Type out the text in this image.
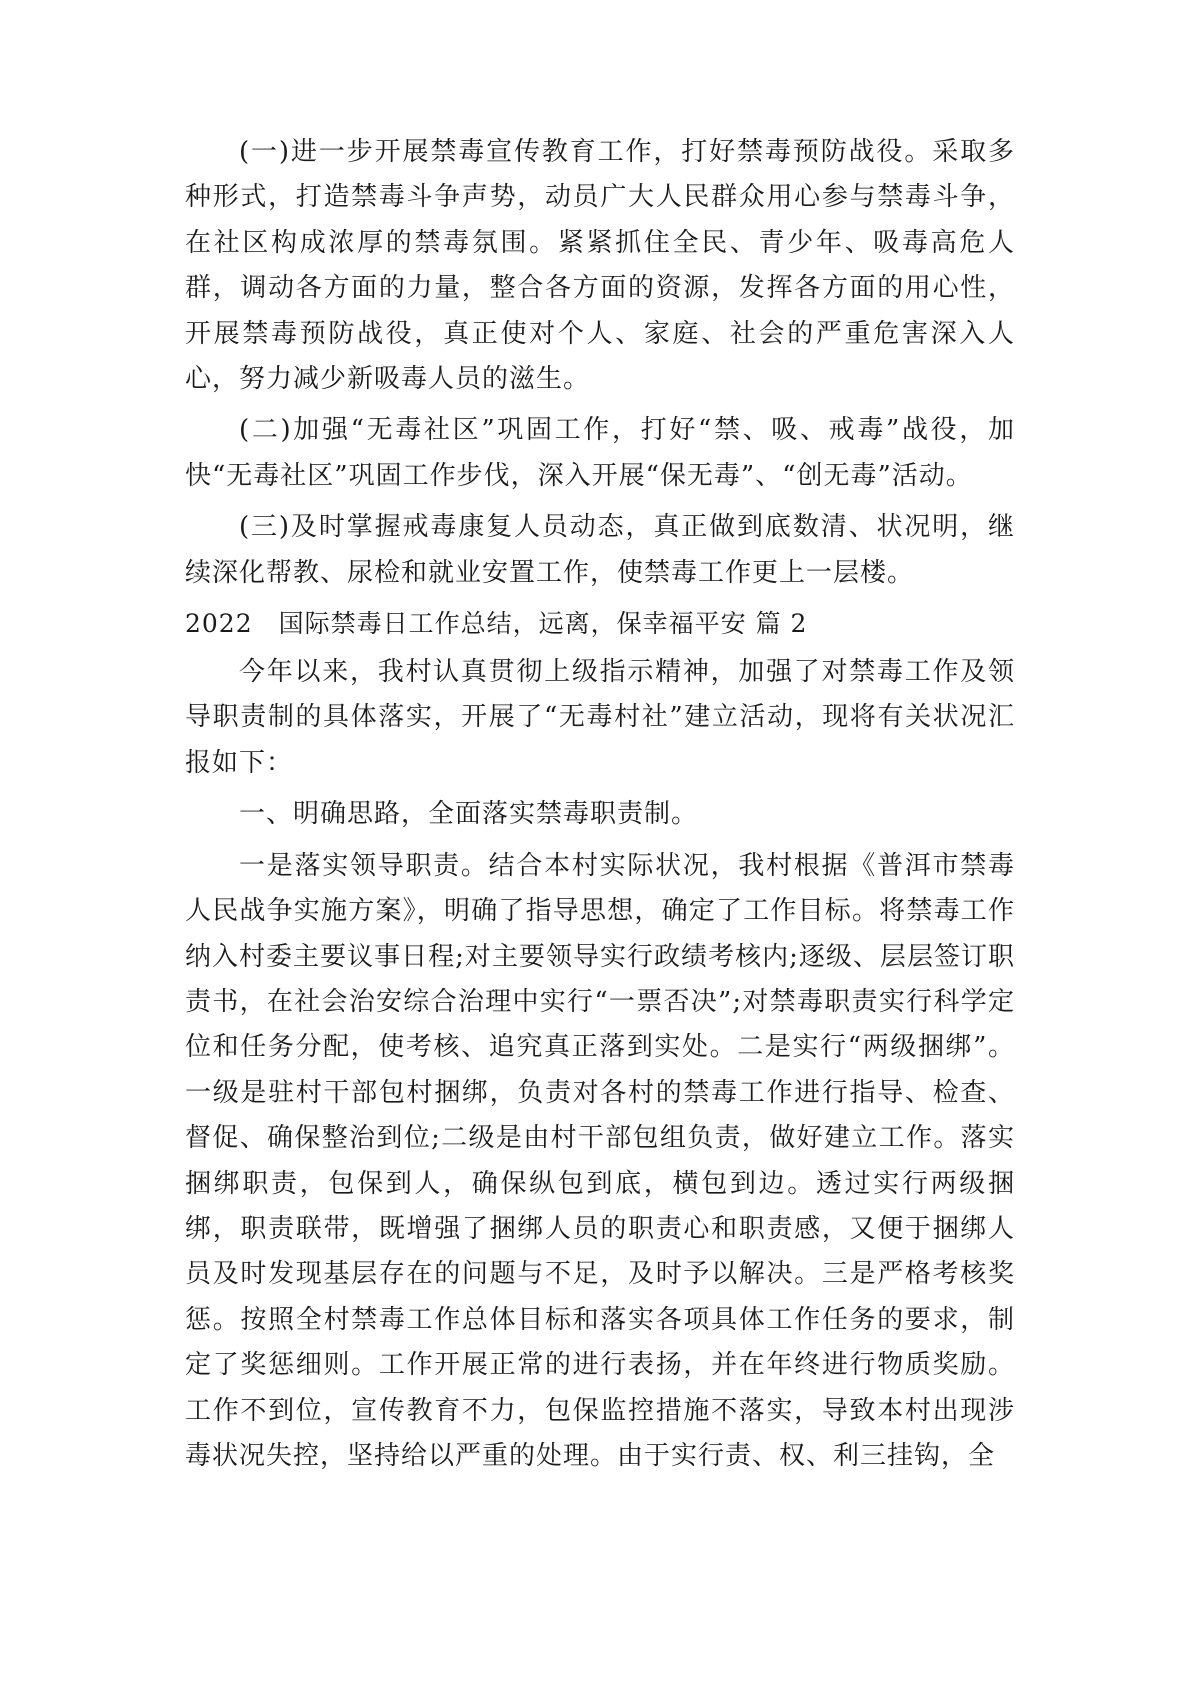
(一)进一步开展禁毒宣传教育工作，打好禁毒预防战役。采取多种形式，打造禁毒斗争声势，动员广大人民群众用心参与禁毒斗争，在社区构成浓厚的禁毒氛围。紧紧抓住全民、青少年、吸毒高危人群，调动各方面的力量，整合各方面的资源，发挥各方面的用心性，开展禁毒预防战役，真正使对个人、家庭、社会的严重危害深入人心，努力减少新吸毒人员的滋生。

(二)加强“无毒社区”巩固工作，打好“禁、吸、戒毒”战役，加快“无毒社区”巩固工作步伐，深入开展“保无毒”、“创无毒”活动。

(三)及时掌握戒毒康复人员动态，真正做到底数清、状况明，继续深化帮教、尿检和就业安置工作，使禁毒工作更上一层楼。

2022　国际禁毒日工作总结，远离，保幸福平安 篇 2

今年以来，我村认真贯彻上级指示精神，加强了对禁毒工作及领导职责制的具体落实，开展了“无毒村社”建立活动，现将有关状况汇报如下：

一、明确思路，全面落实禁毒职责制。

一是落实领导职责。结合本村实际状况，我村根据《普洱市禁毒人民战争实施方案》，明确了指导思想，确定了工作目标。将禁毒工作纳入村委主要议事日程;对主要领导实行政绩考核内;逐级、层层签订职责书，在社会治安综合治理中实行“一票否决”;对禁毒职责实行科学定位和任务分配，使考核、追究真正落到实处。二是实行“两级捆绑”。一级是驻村干部包村捆绑，负责对各村的禁毒工作进行指导、检查、督促、确保整治到位;二级是由村干部包组负责，做好建立工作。落实捆绑职责，包保到人，确保纵包到底，横包到边。透过实行两级捆绑，职责联带，既增强了捆绑人员的职责心和职责感，又便于捆绑人员及时发现基层存在的问题与不足，及时予以解决。三是严格考核奖惩。按照全村禁毒工作总体目标和落实各项具体工作任务的要求，制定了奖惩细则。工作开展正常的进行表扬，并在年终进行物质奖励。工作不到位，宣传教育不力，包保监控措施不落实，导致本村出现涉毒状况失控，坚持给以严重的处理。由于实行责、权、利三挂钩，全
